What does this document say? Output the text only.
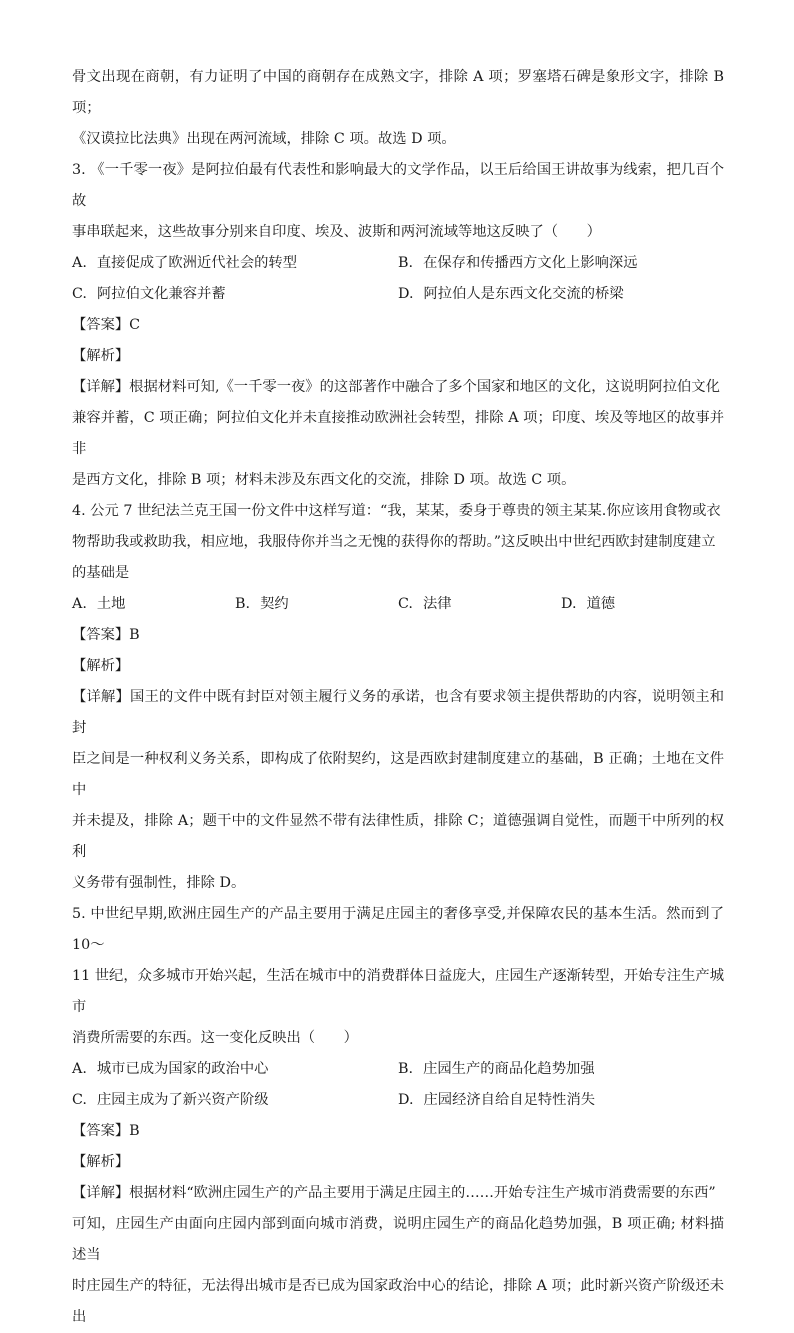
骨文出现在商朝，有力证明了中国的商朝存在成熟文字，排除 A 项；罗塞塔石碑是象形文字，排除 B 项；

《汉谟拉比法典》出现在两河流域，排除 C 项。故选 D 项。

3. 《一千零一夜》是阿拉伯最有代表性和影响最大的文学作品，以王后给国王讲故事为线索，把几百个故

事串联起来，这些故事分别来自印度、埃及、波斯和两河流域等地这反映了（　　）

A. 直接促成了欧洲近代社会的转型	B. 在保存和传播西方文化上影响深远
C. 阿拉伯文化兼容并蓄	D. 阿拉伯人是东西文化交流的桥梁

【答案】C

【解析】

【详解】根据材料可知,《一千零一夜》的这部著作中融合了多个国家和地区的文化，这说明阿拉伯文化

兼容并蓄，C 项正确；阿拉伯文化并未直接推动欧洲社会转型，排除 A 项；印度、埃及等地区的故事并非

是西方文化，排除 B 项；材料未涉及东西文化的交流，排除 D 项。故选 C 项。

4. 公元 7 世纪法兰克王国一份文件中这样写道：“我，某某，委身于尊贵的领主某某.你应该用食物或衣

物帮助我或救助我，相应地，我服侍你并当之无愧的获得你的帮助。”这反映出中世纪西欧封建制度建立

的基础是

A. 土地	B. 契约	C. 法律	D. 道德

【答案】B

【解析】

【详解】国王的文件中既有封臣对领主履行义务的承诺，也含有要求领主提供帮助的内容，说明领主和封

臣之间是一种权利义务关系，即构成了依附契约，这是西欧封建制度建立的基础，B 正确；土地在文件中

并未提及，排除 A；题干中的文件显然不带有法律性质，排除 C；道德强调自觉性，而题干中所列的权利

义务带有强制性，排除 D。

5. 中世纪早期,欧洲庄园生产的产品主要用于满足庄园主的奢侈享受,并保障农民的基本生活。然而到了 10～

11 世纪，众多城市开始兴起，生活在城市中的消费群体日益庞大，庄园生产逐渐转型，开始专注生产城市

消费所需要的东西。这一变化反映出（　　）

A. 城市已成为国家的政治中心	B. 庄园生产的商品化趋势加强
C. 庄园主成为了新兴资产阶级	D. 庄园经济自给自足特性消失

【答案】B

【解析】

【详解】根据材料“欧洲庄园生产的产品主要用于满足庄园主的……开始专注生产城市消费需要的东西”

可知，庄园生产由面向庄园内部到面向城市消费，说明庄园生产的商品化趋势加强，B 项正确; 材料描述当

时庄园生产的特征，无法得出城市是否已成为国家政治中心的结论，排除 A 项；此时新兴资产阶级还未出
